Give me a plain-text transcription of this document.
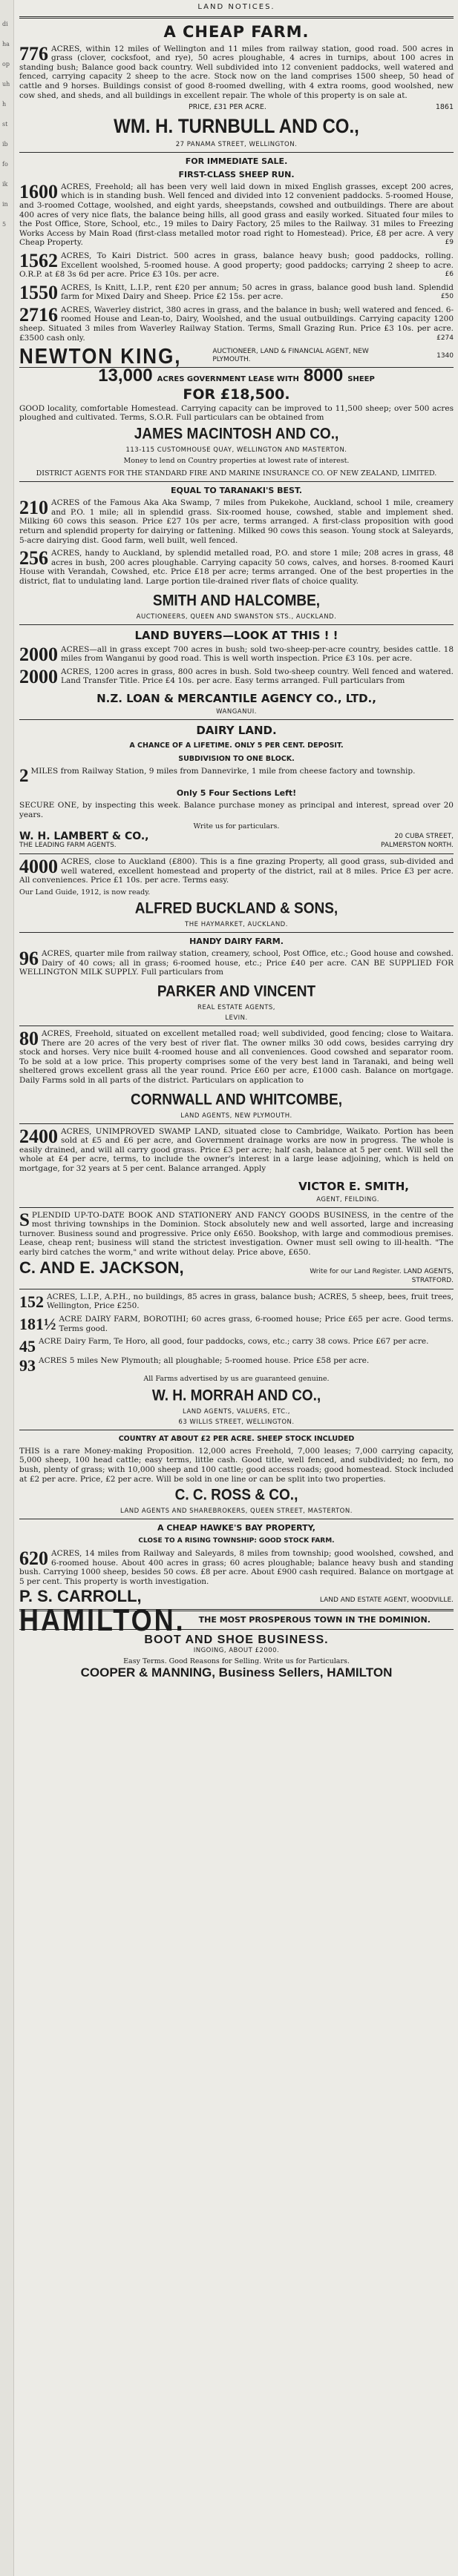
di
ha
op
uh
h
st
ib
fo
ik
in
5
LAND NOTICES.
A CHEAP FARM.
776 ACRES, within 12 miles of Wellington and 11 miles from railway station, good road. 500 acres in grass (clover, cocksfoot, and rye), 50 acres ploughable, 4 acres in turnips, about 100 acres in standing bush; Balance good back country. Well subdivided into 12 convenient paddocks, well watered and fenced, carrying capacity 2 sheep to the acre. Stock now on the land comprises 1500 sheep, 50 head of cattle and 9 horses. Buildings consist of good 8-roomed dwelling, with 4 extra rooms, good woolshed, new cow shed, and sheds, and all buildings in excellent repair. The whole of this property is on sale at.
PRICE, £31 PER ACRE.	1861
WM. H. TURNBULL AND CO.,
27 PANAMA STREET, WELLINGTON.
FOR IMMEDIATE SALE.
FIRST-CLASS SHEEP RUN.
1600 ACRES, Freehold; all has been very well laid down in mixed English grasses, except 200 acres, which is in standing bush. Well fenced and divided into 12 convenient paddocks. 5-roomed House, and 3-roomed Cottage, woolshed, and eight yards, sheepstands, cowshed and outbuildings. There are about 400 acres of very nice flats, the balance being hills, all good grass and easily worked. Situated four miles to the Post Office, Store, School, etc., 19 miles to Dairy Factory, 25 miles to the Railway. 31 miles to Freezing Works Access by Main Road (first-class metalled motor road right to Homestead). Price, £8 per acre. A very Cheap Property.	£9
1562 ACRES, To Kairi District. 500 acres in grass, balance heavy bush; good paddocks, rolling. Excellent woolshed, 5-roomed house. A good property; good paddocks; carrying 2 sheep to acre. O.R.P. at £8 3s 6d per acre. Price £3 10s. per acre.	£6
1550 ACRES, Is Knitt, L.I.P., rent £20 per annum; 50 acres in grass, balance good bush land. Splendid farm for Mixed Dairy and Sheep. Price £2 15s. per acre.	£50
2716 ACRES, Waverley district, 380 acres in grass, and the balance in bush; well watered and fenced. 6-roomed House and Lean-to, Dairy, Woolshed, and the usual outbuildings. Carrying capacity 1200 sheep. Situated 3 miles from Waverley Railway Station. Terms, Small Grazing Run. Price £3 10s. per acre. £3500 cash only.	£274
NEWTON KING,	AUCTIONEER, LAND & FINANCIAL AGENT, NEW PLYMOUTH.
1340
13,000 ACRES GOVERNMENT LEASE WITH 8000 SHEEP
FOR £18,500.
GOOD locality, comfortable Homestead. Carrying capacity can be improved to 11,500 sheep; over 500 acres ploughed and cultivated. Terms, S.O.R. Full particulars can be obtained from
JAMES MACINTOSH AND CO.,
113-115 CUSTOMHOUSE QUAY, WELLINGTON AND MASTERTON.
Money to lend on Country properties at lowest rate of interest.
DISTRICT AGENTS FOR THE STANDARD FIRE AND MARINE INSURANCE CO. OF NEW ZEALAND, LIMITED.
EQUAL TO TARANAKI'S BEST.
210 ACRES of the Famous Aka Aka Swamp, 7 miles from Pukekohe, Auckland, school 1 mile, creamery and P.O. 1 mile; all in splendid grass. Six-roomed house, cowshed, stable and implement shed. Milking 60 cows this season. Price £27 10s per acre, terms arranged. A first-class proposition with good return and splendid property for dairying or fattening. Milked 90 cows this season. Young stock at Saleyards, 5-acre dairying dist. Good farm, well built, well fenced.
256 ACRES, handy to Auckland, by splendid metalled road, P.O. and store 1 mile; 208 acres in grass, 48 acres in bush, 200 acres ploughable. Carrying capacity 50 cows, calves, and horses. 8-roomed Kauri House with Verandah, Cowshed, etc. Price £18 per acre; terms arranged. One of the best properties in the district, flat to undulating land. Large portion tile-drained river flats of choice quality.
SMITH AND HALCOMBE,
AUCTIONEERS, QUEEN AND SWANSTON STS., AUCKLAND.
LAND BUYERS—LOOK AT THIS ! !
2000 ACRES—all in grass except 700 acres in bush; sold two-sheep-per-acre country, besides cattle. 18 miles from Wanganui by good road. This is well worth inspection. Price £3 10s. per acre.
2000 ACRES, 1200 acres in grass, 800 acres in bush. Sold two-sheep country. Well fenced and watered. Land Transfer Title. Price £4 10s. per acre. Easy terms arranged. Full particulars from
N.Z. LOAN & MERCANTILE AGENCY CO., LTD.,
WANGANUI.
DAIRY LAND.
A CHANCE OF A LIFETIME. ONLY 5 PER CENT. DEPOSIT.
SUBDIVISION TO ONE BLOCK.
2 MILES from Railway Station, 9 miles from Dannevirke, 1 mile from cheese factory and township.
Only 5 Four Sections Left!
SECURE ONE, by inspecting this week. Balance purchase money as principal and interest, spread over 20 years.
Write us for particulars.
W. H. LAMBERT & CO.,	20 CUBA STREET,
THE LEADING FARM AGENTS.	PALMERSTON NORTH.
4000 ACRES, close to Auckland (£800). This is a fine grazing Property, all good grass, sub-divided and well watered, excellent homestead and property of the district, rail at 8 miles. Price £3 per acre. All conveniences. Price £1 10s. per acre. Terms easy.
Our Land Guide, 1912, is now ready.
ALFRED BUCKLAND & SONS,
THE HAYMARKET, AUCKLAND.
HANDY DAIRY FARM.
96 ACRES, quarter mile from railway station, creamery, school, Post Office, etc.; Good house and cowshed. Dairy of 40 cows; all in grass; 6-roomed house, etc.; Price £40 per acre. CAN BE SUPPLIED FOR WELLINGTON MILK SUPPLY. Full particulars from
PARKER AND VINCENT
REAL ESTATE AGENTS,
LEVIN.
80 ACRES, Freehold, situated on excellent metalled road; well subdivided, good fencing; close to Waitara. There are 20 acres of the very best of river flat. The owner milks 30 odd cows, besides carrying dry stock and horses. Very nice built 4-roomed house and all conveniences. Good cowshed and separator room. To be sold at a low price. This property comprises some of the very best land in Taranaki, and being well sheltered grows excellent grass all the year round. Price £60 per acre, £1000 cash. Balance on mortgage. Daily Farms sold in all parts of the district. Particulars on application to
CORNWALL AND WHITCOMBE,
LAND AGENTS, NEW PLYMOUTH.
2400 ACRES, UNIMPROVED SWAMP LAND, situated close to Cambridge, Waikato. Portion has been sold at £5 and £6 per acre, and Government drainage works are now in progress. The whole is easily drained, and will all carry good grass. Price £3 per acre; half cash, balance at 5 per cent. Will sell the whole at £4 per acre, terms, to include the owner's interest in a large lease adjoining, which is held on mortgage, for 32 years at 5 per cent. Balance arranged. Apply
VICTOR E. SMITH,
AGENT, FEILDING.
S PLENDID UP-TO-DATE BOOK AND STATIONERY AND FANCY GOODS BUSINESS, in the centre of the most thriving townships in the Dominion. Stock absolutely new and well assorted, large and increasing turnover. Business sound and progressive. Price only £650. Bookshop, with large and commodious premises. Lease, cheap rent; business will stand the strictest investigation. Owner must sell owing to ill-health. "The early bird catches the worm," and write without delay. Price above, £650.
C. AND E. JACKSON,	Write for our Land Register. LAND AGENTS, STRATFORD.
152 ACRES, L.I.P., A.P.H., no buildings, 85 acres in grass, balance bush; ACRES, 5 sheep, bees, fruit trees, Wellington, Price £250.
181½ ACRE DAIRY FARM, BOROTIHI; 60 acres grass, 6-roomed house; Price £65 per acre. Good terms. Terms good.
45 ACRE Dairy Farm, Te Horo, all good, four paddocks, cows, etc.; carry 38 cows. Price £67 per acre.
93 ACRES 5 miles New Plymouth; all ploughable; 5-roomed house. Price £58 per acre.
All Farms advertised by us are guaranteed genuine.
W. H. MORRAH AND CO.,
LAND AGENTS, VALUERS, ETC.,
63 WILLIS STREET, WELLINGTON.
COUNTRY AT ABOUT £2 PER ACRE. SHEEP STOCK INCLUDED
THIS is a rare Money-making Proposition. 12,000 acres Freehold, 7,000 leases; 7,000 carrying capacity, 5,000 sheep, 100 head cattle; easy terms, little cash. Good title, well fenced, and subdivided; no fern, no bush, plenty of grass; with 10,000 sheep and 100 cattle; good access roads; good homestead. Stock included at £2 per acre. Price, £2 per acre. Will be sold in one line or can be split into two properties.
C. C. ROSS & CO.,
LAND AGENTS AND SHAREBROKERS, QUEEN STREET, MASTERTON.
A CHEAP HAWKE'S BAY PROPERTY,
CLOSE TO A RISING TOWNSHIP: GOOD STOCK FARM.
620 ACRES, 14 miles from Railway and Saleyards, 8 miles from township; good woolshed, cowshed, and 6-roomed house. About 400 acres in grass; 60 acres ploughable; balance heavy bush and standing bush. Carrying 1000 sheep, besides 50 cows. £8 per acre. About £900 cash required. Balance on mortgage at 5 per cent. This property is worth investigation.
P. S. CARROLL,	LAND AND ESTATE AGENT, WOODVILLE.
HAMILTON. THE MOST PROSPEROUS TOWN IN THE DOMINION.
BOOT AND SHOE BUSINESS.
INGOING, ABOUT £2000.
Easy Terms. Good Reasons for Selling. Write us for Particulars.
COOPER & MANNING, Business Sellers, HAMILTON
